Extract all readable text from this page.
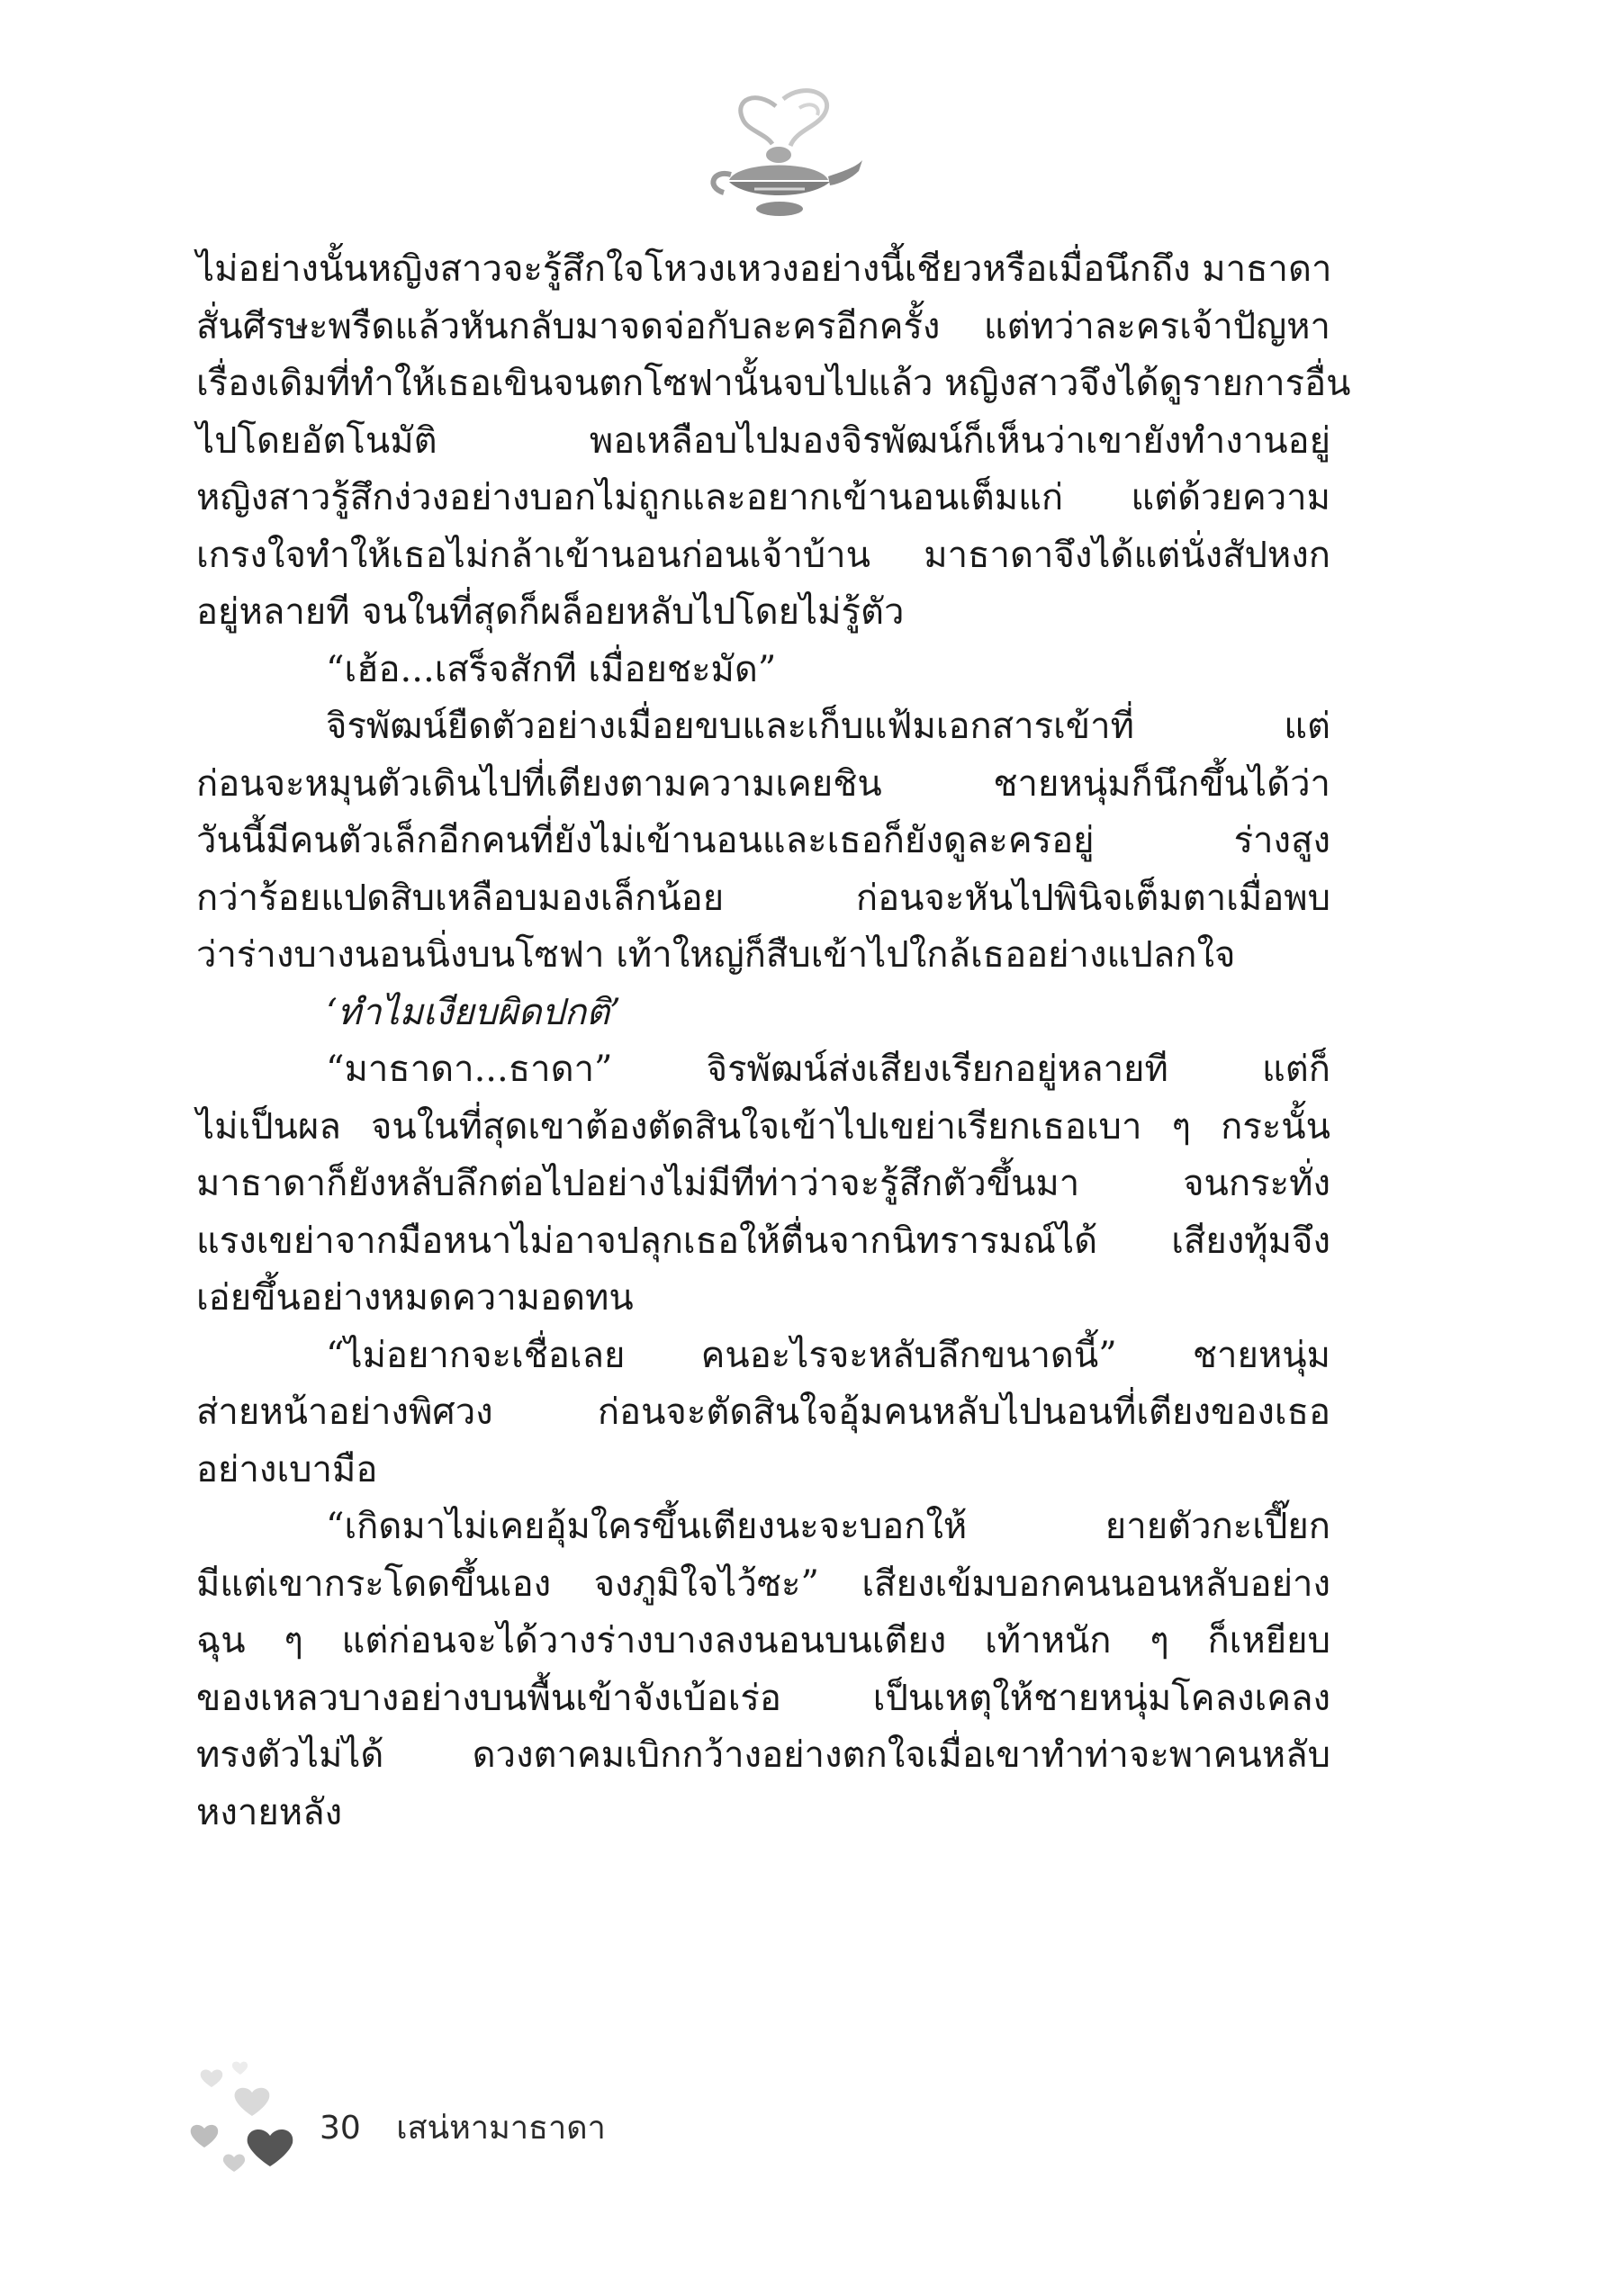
ไม่อย่างนั้นหญิงสาวจะรู้สึกใจโหวงเหวงอย่างนี้เชียวหรือเมื่อนึกถึง มาธาดา
สั่นศีรษะพรืดแล้วหันกลับมาจดจ่อกับละครอีกครั้ง แต่ทว่าละครเจ้าปัญหา
เรื่องเดิมที่ทำให้เธอเขินจนตกโซฟานั้นจบไปแล้ว หญิงสาวจึงได้ดูรายการอื่น
ไปโดยอัตโนมัติ พอเหลือบไปมองจิรพัฒน์ก็เห็นว่าเขายังทำงานอยู่
หญิงสาวรู้สึกง่วงอย่างบอกไม่ถูกและอยากเข้านอนเต็มแก่ แต่ด้วยความ
เกรงใจทำให้เธอไม่กล้าเข้านอนก่อนเจ้าบ้าน มาธาดาจึงได้แต่นั่งสัปหงก
อยู่หลายที จนในที่สุดก็ผล็อยหลับไปโดยไม่รู้ตัว
“เฮ้อ...เสร็จสักที เมื่อยชะมัด”
จิรพัฒน์ยืดตัวอย่างเมื่อยขบและเก็บแฟ้มเอกสารเข้าที่ แต่
ก่อนจะหมุนตัวเดินไปที่เตียงตามความเคยชิน ชายหนุ่มก็นึกขึ้นได้ว่า
วันนี้มีคนตัวเล็กอีกคนที่ยังไม่เข้านอนและเธอก็ยังดูละครอยู่ ร่างสูง
กว่าร้อยแปดสิบเหลือบมองเล็กน้อย ก่อนจะหันไปพินิจเต็มตาเมื่อพบ
ว่าร่างบางนอนนิ่งบนโซฟา เท้าใหญ่ก็สืบเข้าไปใกล้เธออย่างแปลกใจ
‘ทำไมเงียบผิดปกติ’
“มาธาดา...ธาดา” จิรพัฒน์ส่งเสียงเรียกอยู่หลายที แต่ก็
ไม่เป็นผล จนในที่สุดเขาต้องตัดสินใจเข้าไปเขย่าเรียกเธอเบา ๆ กระนั้น
มาธาดาก็ยังหลับลึกต่อไปอย่างไม่มีทีท่าว่าจะรู้สึกตัวขึ้นมา จนกระทั่ง
แรงเขย่าจากมือหนาไม่อาจปลุกเธอให้ตื่นจากนิทรารมณ์ได้ เสียงทุ้มจึง
เอ่ยขึ้นอย่างหมดความอดทน
“ไม่อยากจะเชื่อเลย คนอะไรจะหลับลึกขนาดนี้” ชายหนุ่ม
ส่ายหน้าอย่างพิศวง ก่อนจะตัดสินใจอุ้มคนหลับไปนอนที่เตียงของเธอ
อย่างเบามือ
“เกิดมาไม่เคยอุ้มใครขึ้นเตียงนะจะบอกให้ ยายตัวกะเปี๊ยก
มีแต่เขากระโดดขึ้นเอง จงภูมิใจไว้ซะ” เสียงเข้มบอกคนนอนหลับอย่าง
ฉุน ๆ แต่ก่อนจะได้วางร่างบางลงนอนบนเตียง เท้าหนัก ๆ ก็เหยียบ
ของเหลวบางอย่างบนพื้นเข้าจังเบ้อเร่อ เป็นเหตุให้ชายหนุ่มโคลงเคลง
ทรงตัวไม่ได้ ดวงตาคมเบิกกว้างอย่างตกใจเมื่อเขาทำท่าจะพาคนหลับ
หงายหลัง
30 เสน่หามาธาดา
